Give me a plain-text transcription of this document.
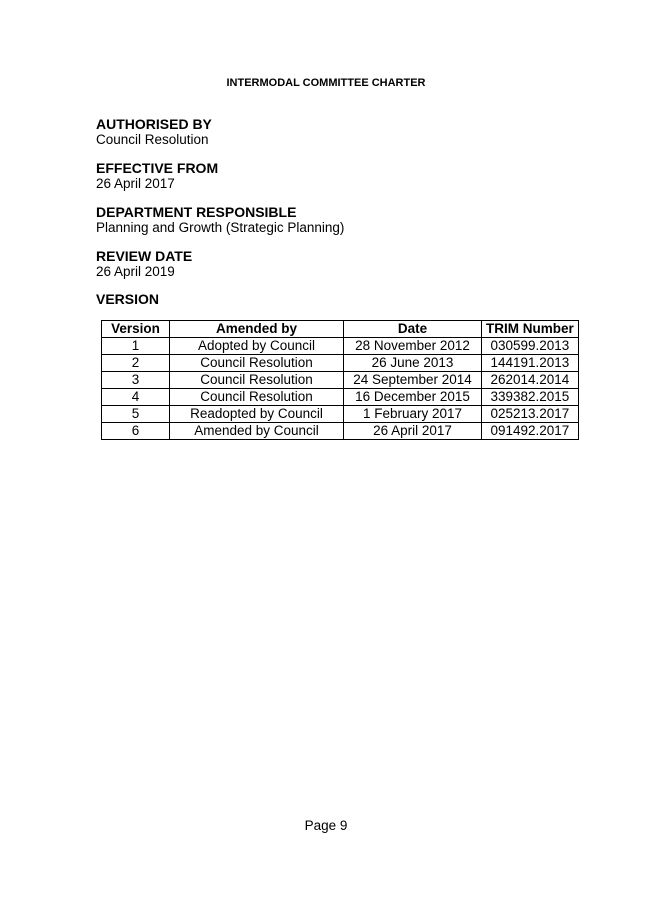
INTERMODAL COMMITTEE CHARTER
AUTHORISED BY
Council Resolution
EFFECTIVE FROM
26 April 2017
DEPARTMENT RESPONSIBLE
Planning and Growth (Strategic Planning)
REVIEW DATE
26 April 2019
VERSION
Version	Amended by	Date	TRIM Number
1	Adopted by Council	28 November 2012	030599.2013
2	Council Resolution	26 June 2013	144191.2013
3	Council Resolution	24 September 2014	262014.2014
4	Council Resolution	16 December 2015	339382.2015
5	Readopted by Council	1 February 2017	025213.2017
6	Amended by Council	26 April 2017	091492.2017
Page 9
